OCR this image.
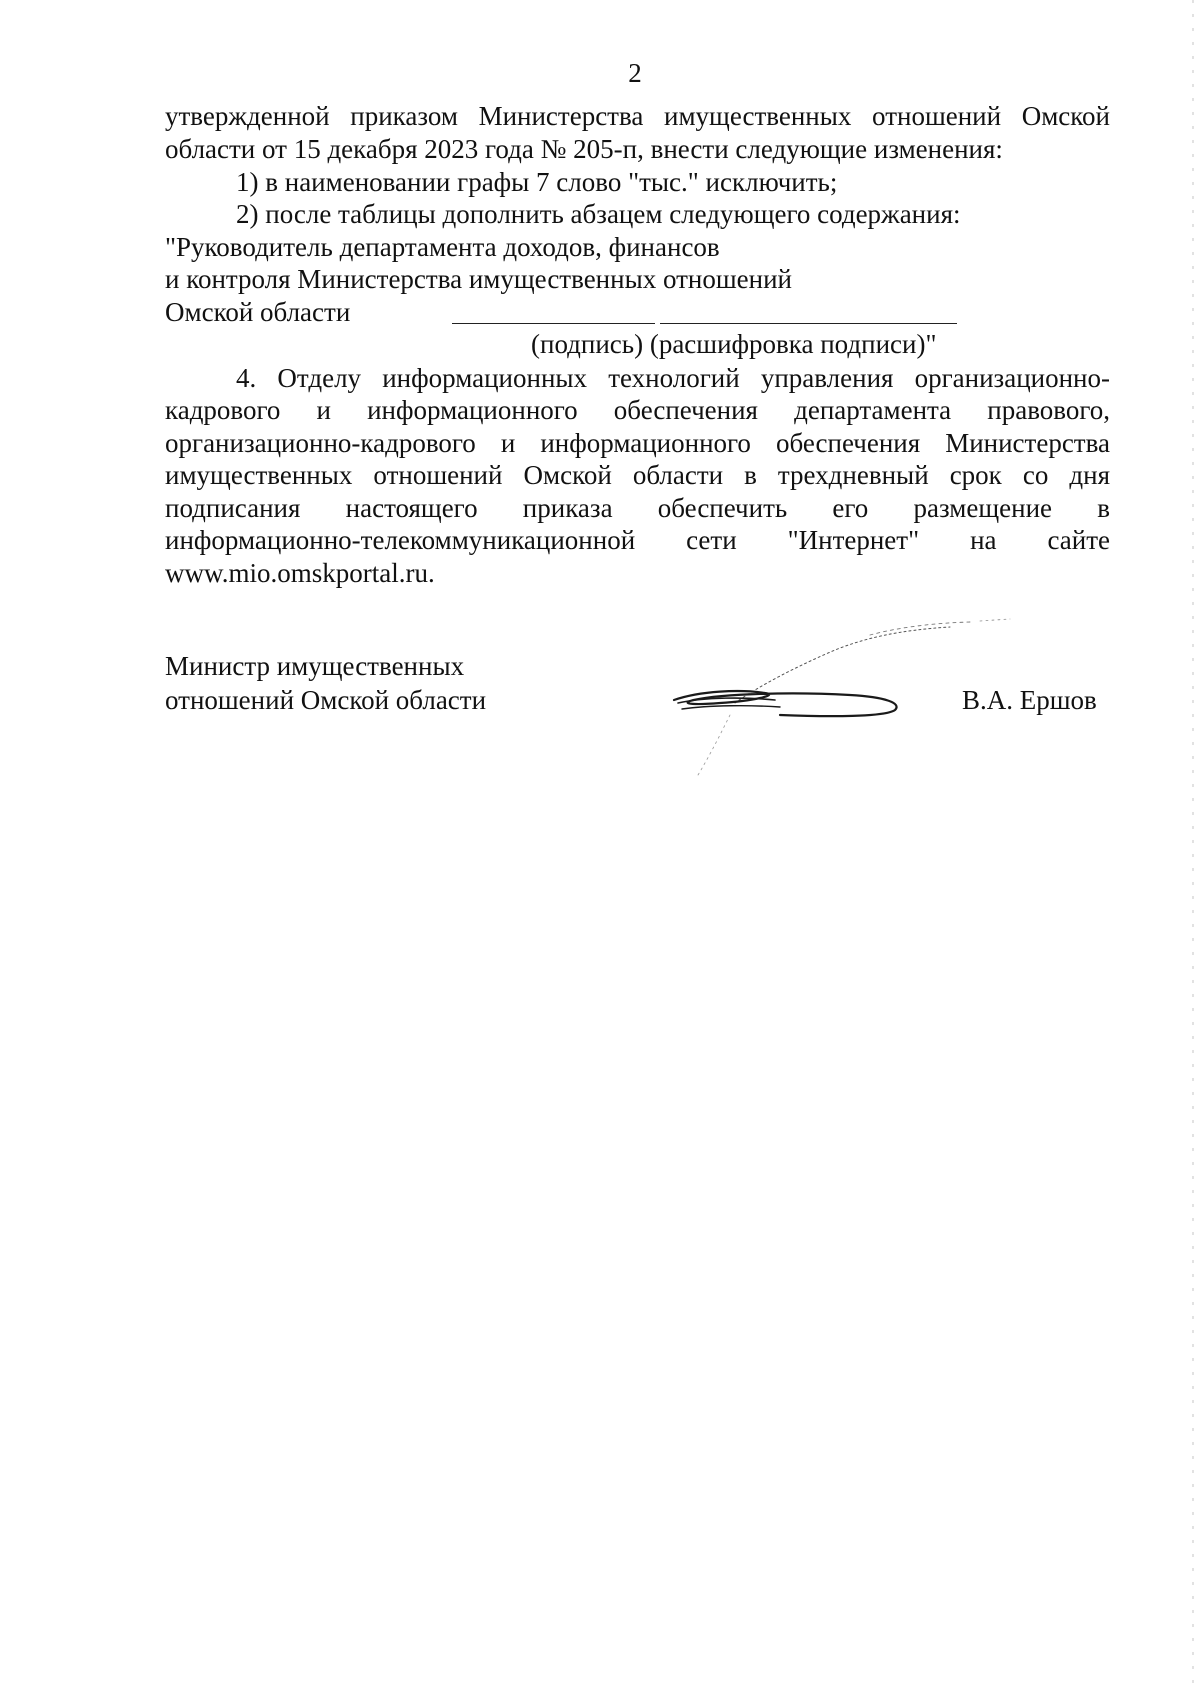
2
утвержденной приказом Министерства имущественных отношений Омской
области от 15 декабря 2023 года № 205-п, внести следующие изменения:
1) в наименовании графы 7 слово "тыс." исключить;
2) после таблицы дополнить абзацем следующего содержания:
"Руководитель департамента доходов, финансов
и контроля Министерства имущественных отношений
Омской области
(подпись) (расшифровка подписи)"
4. Отделу информационных технологий управления организационно-
кадрового и информационного обеспечения департамента правового,
организационно-кадрового и информационного обеспечения Министерства
имущественных отношений Омской области в трехдневный срок со дня
подписания настоящего приказа обеспечить его размещение в
информационно-телекоммуникационной сети "Интернет" на сайте
www.mio.omskportal.ru.
Министр имущественных
отношений Омской области	В.А. Ершов
